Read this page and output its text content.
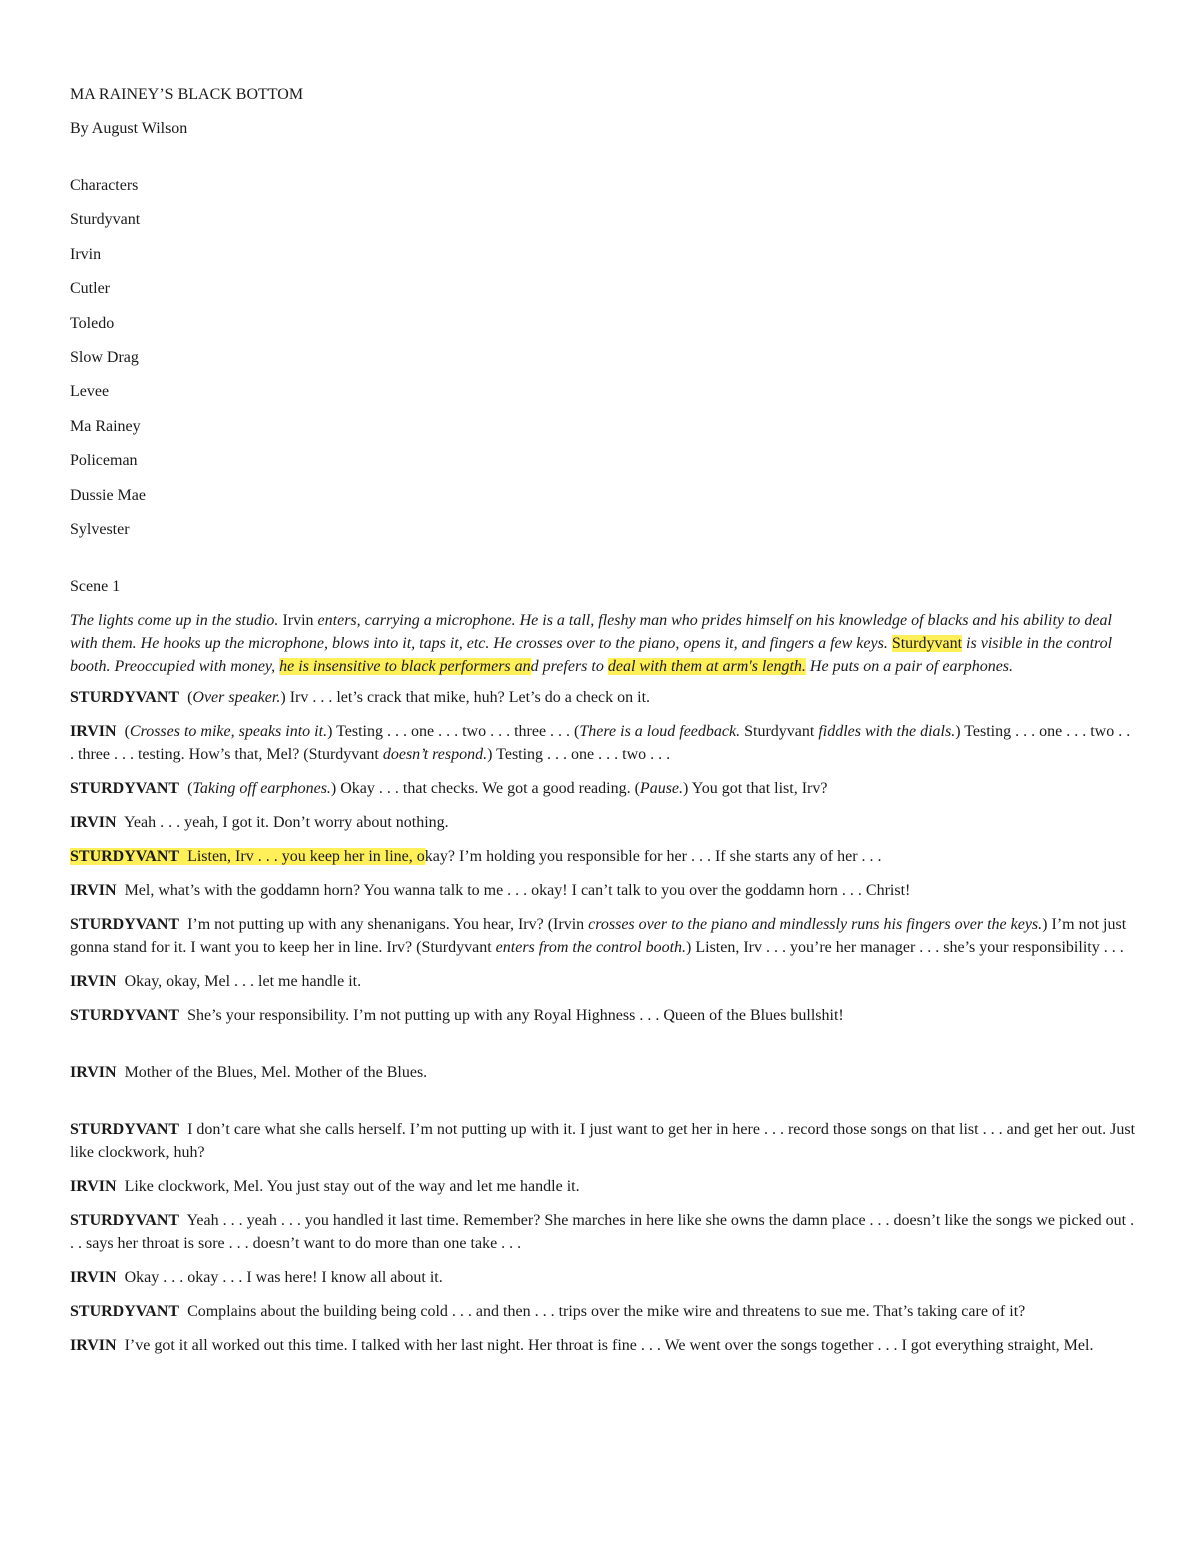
MA RAINEY’S BLACK BOTTOM

By August Wilson

Characters

Sturdyvant

Irvin

Cutler

Toledo

Slow Drag

Levee

Ma Rainey

Policeman

Dussie Mae

Sylvester

Scene 1

The lights come up in the studio. Irvin enters, carrying a microphone. He is a tall, fleshy man who prides himself on his knowledge of blacks and his ability to deal with them. He hooks up the microphone, blows into it, taps it, etc. He crosses over to the piano, opens it, and fingers a few keys. Sturdyvant is visible in the control booth. Preoccupied with money, he is insensitive to black performers and prefers to deal with them at arm's length. He puts on a pair of earphones.

STURDYVANT (Over speaker.) Irv . . . let’s crack that mike, huh? Let’s do a check on it.

IRVIN (Crosses to mike, speaks into it.) Testing . . . one . . . two . . . three . . . (There is a loud feedback. Sturdyvant fiddles with the dials.) Testing . . . one . . . two . . . three . . . testing. How’s that, Mel? (Sturdyvant doesn’t respond.) Testing . . . one . . . two . . .

STURDYVANT (Taking off earphones.) Okay . . . that checks. We got a good reading. (Pause.) You got that list, Irv?

IRVIN Yeah . . . yeah, I got it. Don’t worry about nothing.

STURDYVANT Listen, Irv . . . you keep her in line, okay? I’m holding you responsible for her . . . If she starts any of her . . .

IRVIN Mel, what’s with the goddamn horn? You wanna talk to me . . . okay! I can’t talk to you over the goddamn horn . . . Christ!

STURDYVANT I’m not putting up with any shenanigans. You hear, Irv? (Irvin crosses over to the piano and mindlessly runs his fingers over the keys.) I’m not just gonna stand for it. I want you to keep her in line. Irv? (Sturdyvant enters from the control booth.) Listen, Irv . . . you’re her manager . . . she’s your responsibility . . .

IRVIN Okay, okay, Mel . . . let me handle it.

STURDYVANT She’s your responsibility. I’m not putting up with any Royal Highness . . . Queen of the Blues bullshit!

IRVIN Mother of the Blues, Mel. Mother of the Blues.

STURDYVANT I don’t care what she calls herself. I’m not putting up with it. I just want to get her in here . . . record those songs on that list . . . and get her out. Just like clockwork, huh?

IRVIN Like clockwork, Mel. You just stay out of the way and let me handle it.

STURDYVANT Yeah . . . yeah . . . you handled it last time. Remember? She marches in here like she owns the damn place . . . doesn’t like the songs we picked out . . . says her throat is sore . . . doesn’t want to do more than one take . . .

IRVIN Okay . . . okay . . . I was here! I know all about it.

STURDYVANT Complains about the building being cold . . . and then . . . trips over the mike wire and threatens to sue me. That’s taking care of it?

IRVIN I’ve got it all worked out this time. I talked with her last night. Her throat is fine . . . We went over the songs together . . . I got everything straight, Mel.
